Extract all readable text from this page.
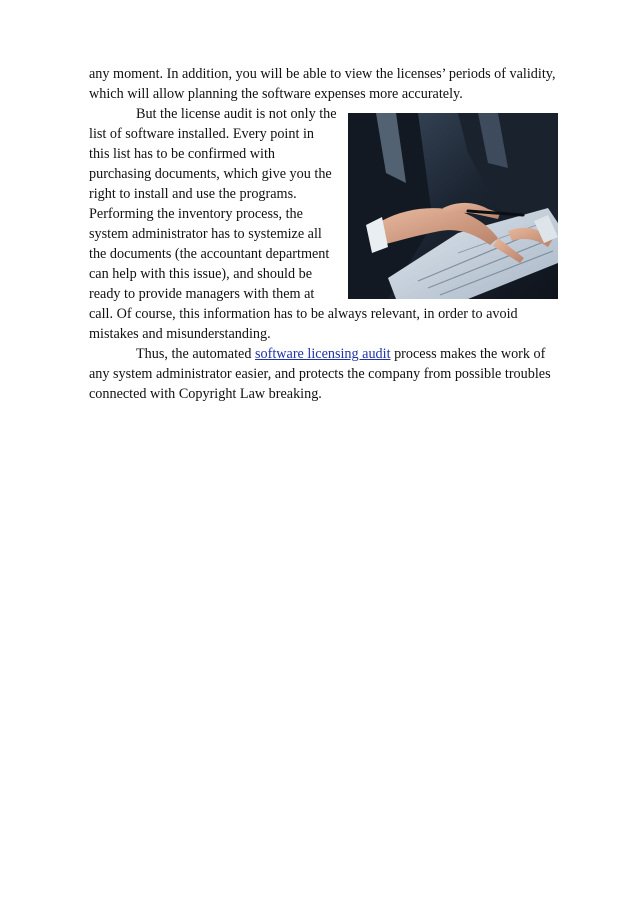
any moment. In addition, you will be able to view the licenses’ periods of validity,
which will allow planning the software expenses more accurately.
But the license audit is not only the
list of software installed. Every point in
this list has to be confirmed with
purchasing documents, which give you the
right to install and use the programs.
Performing the inventory process, the
system administrator has to systemize all
the documents (the accountant department
can help with this issue), and should be
ready to provide managers with them at
call. Of course, this information has to be always relevant, in order to avoid
mistakes and misunderstanding.
Thus, the automated software licensing audit process makes the work of
any system administrator easier, and protects the company from possible troubles
connected with Copyright Law breaking.
